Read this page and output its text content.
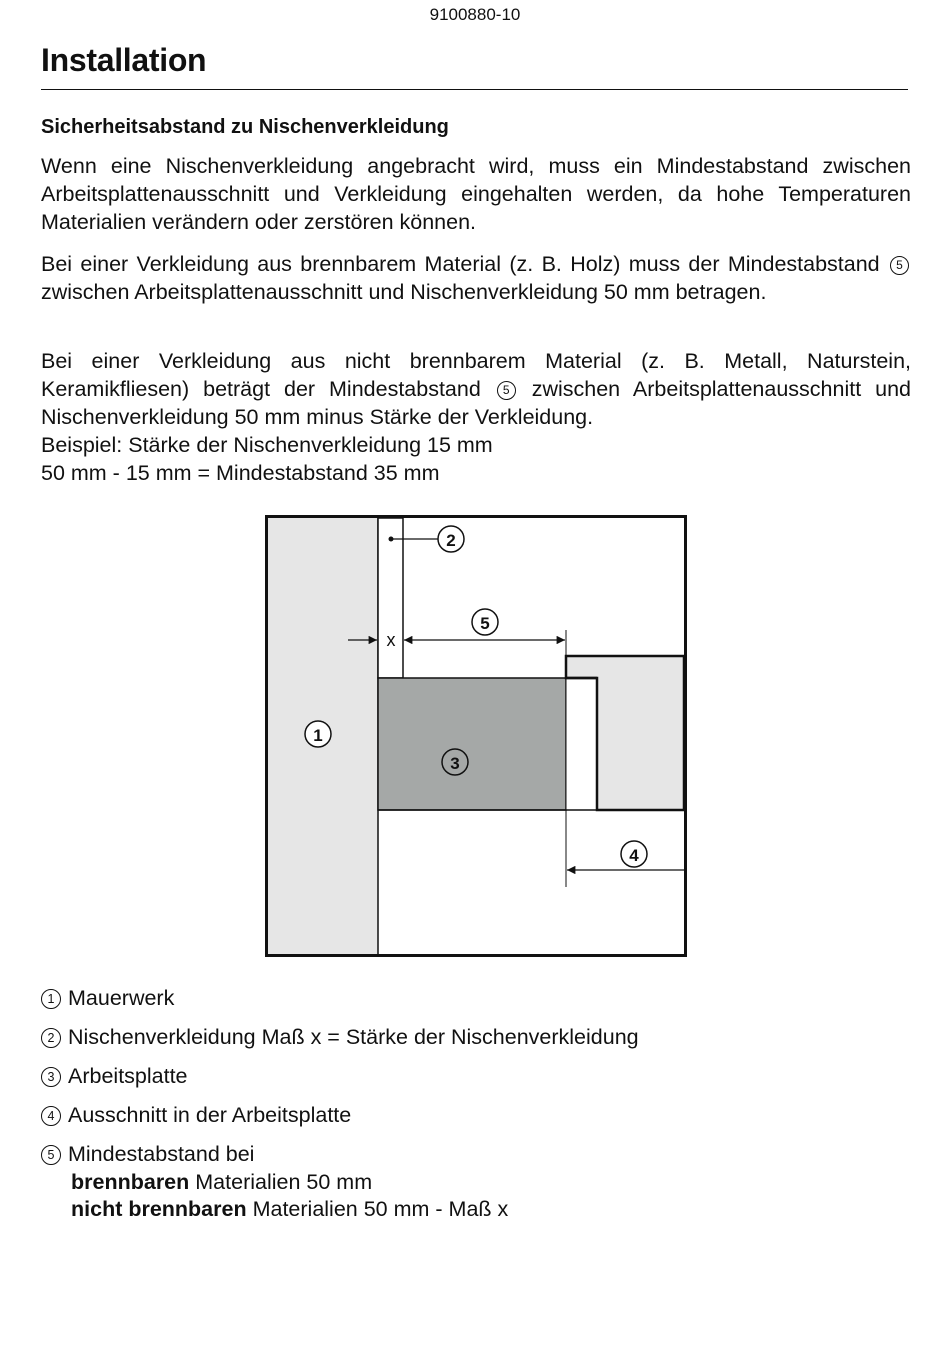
9100880-10
Installation
Sicherheitsabstand zu Nischenverkleidung

Wenn eine Nischenverkleidung angebracht wird, muss ein Mindestabstand zwischen Arbeitsplattenausschnitt und Verkleidung eingehalten werden, da hohe Temperaturen Materialien verändern oder zerstören können.

Bei einer Verkleidung aus brennbarem Material (z. B. Holz) muss der Mindestabstand 5 zwischen Arbeitsplattenausschnitt und Nischenverkleidung 50 mm betragen.

Bei einer Verkleidung aus nicht brennbarem Material (z. B. Metall, Naturstein, Keramikfliesen) beträgt der Mindestabstand 5 zwischen Arbeitsplattenausschnitt und Nischenverkleidung 50 mm minus Stärke der Verkleidung.

Beispiel: Stärke der Nischenverkleidung 15 mm
50 mm - 15 mm = Mindestabstand 35 mm
2
x
5
1
3
4
1 Mauerwerk
2 Nischenverkleidung Maß x = Stärke der Nischenverkleidung
3 Arbeitsplatte
4 Ausschnitt in der Arbeitsplatte
5 Mindestabstand bei
brennbaren Materialien 50 mm
nicht brennbaren Materialien 50 mm - Maß x
